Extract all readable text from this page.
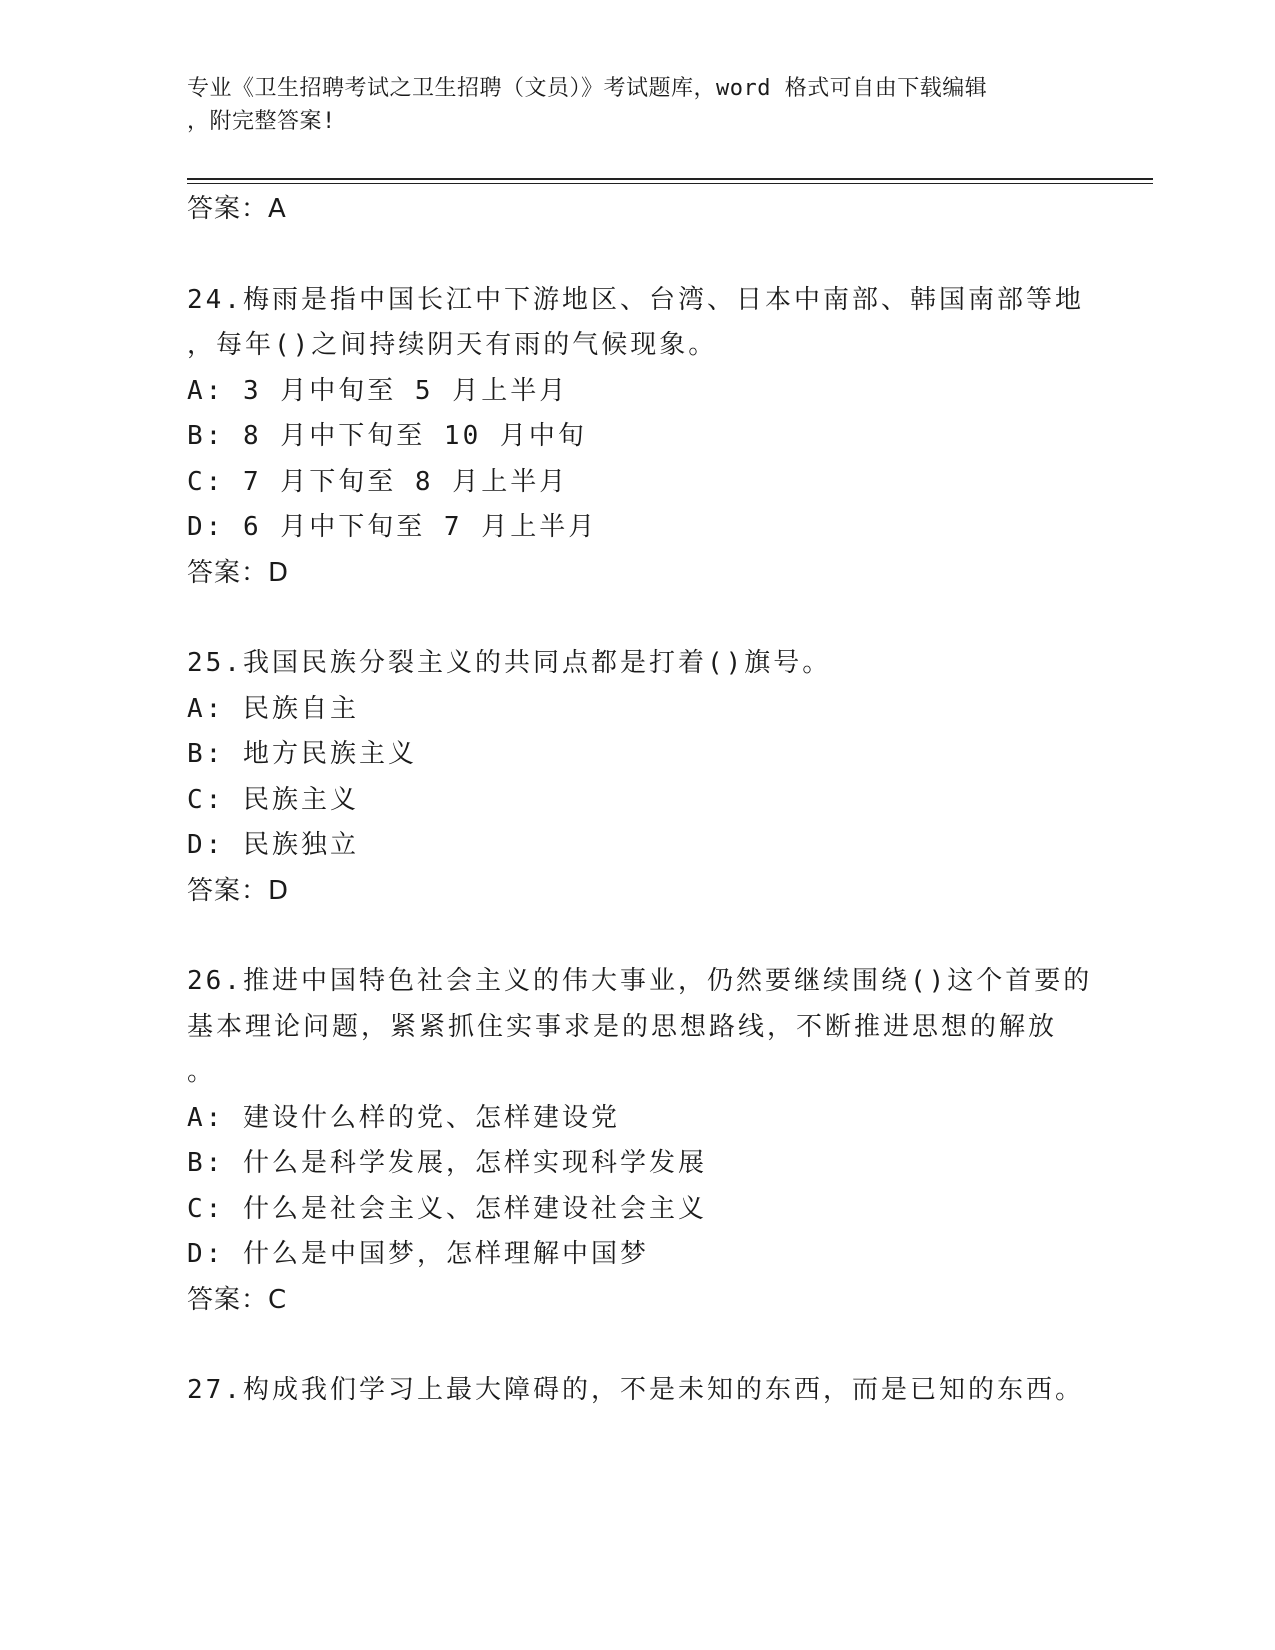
专业《卫生招聘考试之卫生招聘（文员）》考试题库，word 格式可自由下载编辑
，附完整答案!
答案：A
24.梅雨是指中国长江中下游地区、台湾、日本中南部、韩国南部等地
，每年()之间持续阴天有雨的气候现象。
A: 3 月中旬至 5 月上半月
B: 8 月中下旬至 10 月中旬
C: 7 月下旬至 8 月上半月
D: 6 月中下旬至 7 月上半月
答案：D
25.我国民族分裂主义的共同点都是打着()旗号。
A: 民族自主
B: 地方民族主义
C: 民族主义
D: 民族独立
答案：D
26.推进中国特色社会主义的伟大事业，仍然要继续围绕()这个首要的
基本理论问题，紧紧抓住实事求是的思想路线，不断推进思想的解放
。
A: 建设什么样的党、怎样建设党
B: 什么是科学发展，怎样实现科学发展
C: 什么是社会主义、怎样建设社会主义
D: 什么是中国梦，怎样理解中国梦
答案：C
27.构成我们学习上最大障碍的，不是未知的东西，而是已知的东西。
